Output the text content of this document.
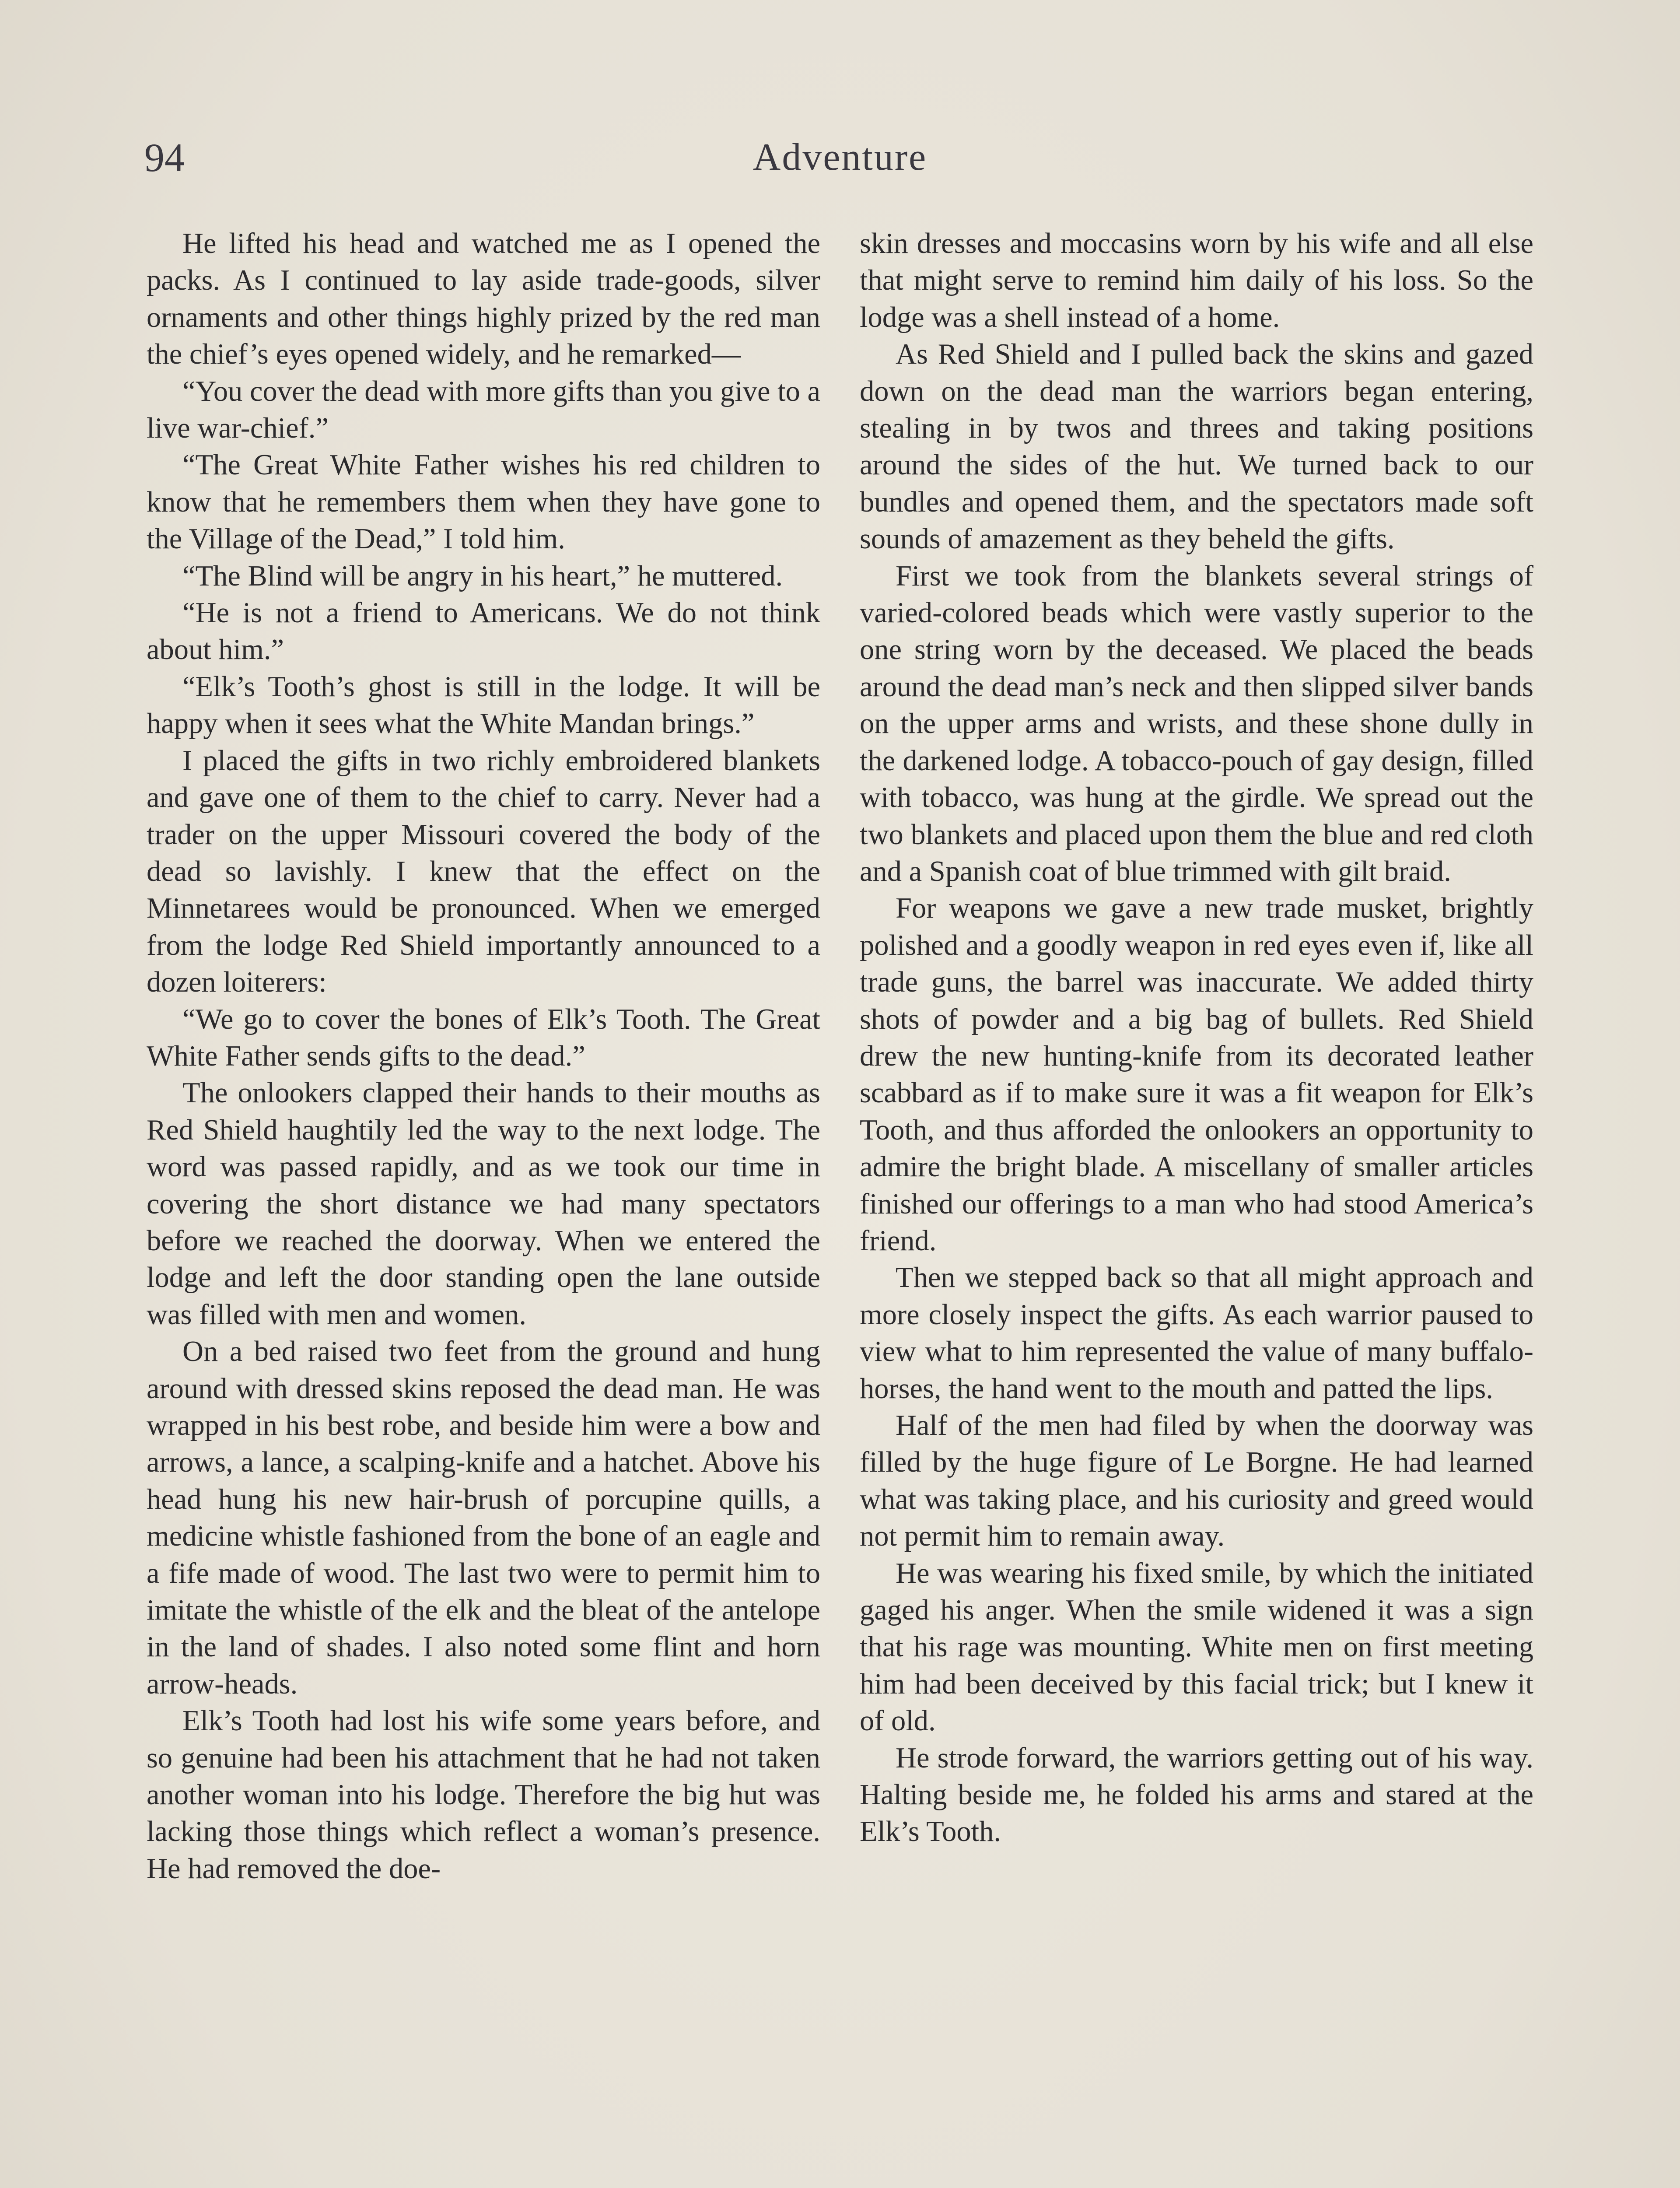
94	Adventure

He lifted his head and watched me as I opened the packs. As I continued to lay aside trade-goods, silver ornaments and other things highly prized by the red man the chief’s eyes opened widely, and he remarked—

“You cover the dead with more gifts than you give to a live war-chief.”

“The Great White Father wishes his red children to know that he remembers them when they have gone to the Village of the Dead,” I told him.

“The Blind will be angry in his heart,” he muttered.

“He is not a friend to Americans. We do not think about him.”

“Elk’s Tooth’s ghost is still in the lodge. It will be happy when it sees what the White Mandan brings.”

I placed the gifts in two richly embroidered blankets and gave one of them to the chief to carry. Never had a trader on the upper Missouri covered the body of the dead so lavishly. I knew that the effect on the Minnetarees would be pronounced. When we emerged from the lodge Red Shield importantly announced to a dozen loiterers:

“We go to cover the bones of Elk’s Tooth. The Great White Father sends gifts to the dead.”

The onlookers clapped their hands to their mouths as Red Shield haughtily led the way to the next lodge. The word was passed rapidly, and as we took our time in covering the short distance we had many spectators before we reached the doorway. When we entered the lodge and left the door standing open the lane outside was filled with men and women.

On a bed raised two feet from the ground and hung around with dressed skins reposed the dead man. He was wrapped in his best robe, and beside him were a bow and arrows, a lance, a scalping-knife and a hatchet. Above his head hung his new hair-brush of porcupine quills, a medicine whistle fashioned from the bone of an eagle and a fife made of wood. The last two were to permit him to imitate the whistle of the elk and the bleat of the antelope in the land of shades. I also noted some flint and horn arrow-heads.

Elk’s Tooth had lost his wife some years before, and so genuine had been his attachment that he had not taken another woman into his lodge. Therefore the big hut was lacking those things which reflect a woman’s presence. He had removed the doe-

skin dresses and moccasins worn by his wife and all else that might serve to remind him daily of his loss. So the lodge was a shell instead of a home.

As Red Shield and I pulled back the skins and gazed down on the dead man the warriors began entering, stealing in by twos and threes and taking positions around the sides of the hut. We turned back to our bundles and opened them, and the spectators made soft sounds of amazement as they beheld the gifts.

First we took from the blankets several strings of varied-colored beads which were vastly superior to the one string worn by the deceased. We placed the beads around the dead man’s neck and then slipped silver bands on the upper arms and wrists, and these shone dully in the darkened lodge. A tobacco-pouch of gay design, filled with tobacco, was hung at the girdle. We spread out the two blankets and placed upon them the blue and red cloth and a Spanish coat of blue trimmed with gilt braid.

For weapons we gave a new trade musket, brightly polished and a goodly weapon in red eyes even if, like all trade guns, the barrel was inaccurate. We added thirty shots of powder and a big bag of bullets. Red Shield drew the new hunting-knife from its decorated leather scabbard as if to make sure it was a fit weapon for Elk’s Tooth, and thus afforded the onlookers an opportunity to admire the bright blade. A miscellany of smaller articles finished our offerings to a man who had stood America’s friend.

Then we stepped back so that all might approach and more closely inspect the gifts. As each warrior paused to view what to him represented the value of many buffalo-horses, the hand went to the mouth and patted the lips.

Half of the men had filed by when the doorway was filled by the huge figure of Le Borgne. He had learned what was taking place, and his curiosity and greed would not permit him to remain away.

He was wearing his fixed smile, by which the initiated gaged his anger. When the smile widened it was a sign that his rage was mounting. White men on first meeting him had been deceived by this facial trick; but I knew it of old.

He strode forward, the warriors getting out of his way. Halting beside me, he folded his arms and stared at the Elk’s Tooth.
